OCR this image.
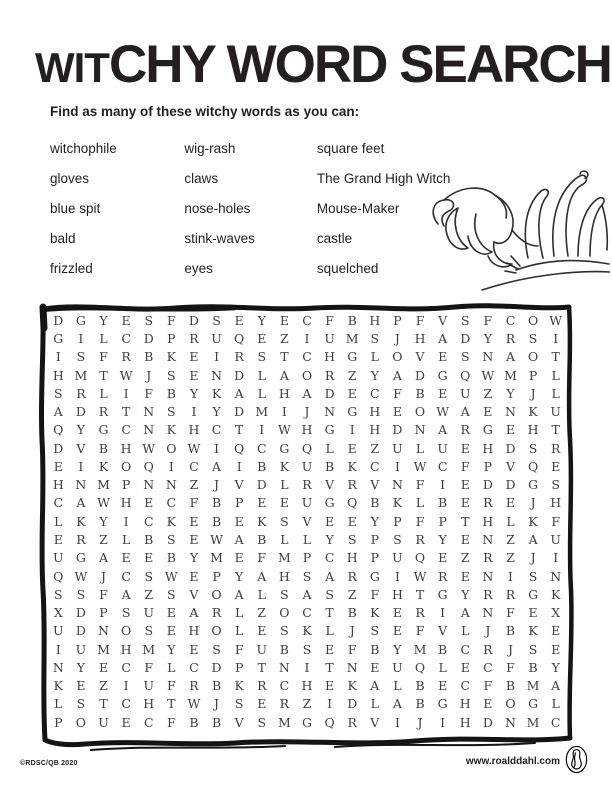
WITCHY WORD SEARCH
Find as many of these witchy words as you can:
witchophile
gloves
blue spit
bald
frizzled
wig-rash
claws
nose-holes
stink-waves
eyes
square feet
The Grand High Witch
Mouse-Maker
castle
squelched
D	G	Y	E	S	F	D	S	E	Y	E	C	F	B	H	P	F	V	S	F	C	O W
G	I	L	C	D	P	R	U Q	E	Z	I	U M S	J	H	A	D	Y	R	S	I
I	S	F	R	B	K	E	I	R	S	T	C H G	L	O	V	E	S	N	A	O	T
H M T W	J	S	E	N D	L	A	O	R	Z	Y	A	D	G Q W M P	L
S	R	L	I	F	B	Y	K	A	L	H	A	D	E	C	F	B	E	U	Z	Y	J	L
A	D	R	T	N	S	I	Y	D M	I	J	N G H	E	O W A	E	N K	U
Q	Y	G	C N K H C	T	I	W H G	I	H D N	A	R	G	E	H	T
D	V	B	H W O W	I	Q	C	G Q	L	E	Z	U	L	U	E	H D	S	R
E	I	K	O Q	I	C	A	I	B	K	U	B	K	C	I	W C	F	P	V	Q	E
H N M P	N N	Z	J	V	D	L	R	V	R	V	N	F	I	E	D	D	G	S
C	A W H	E	C	F	B	P	E	E	U G Q	B	K	L	B	E	R	E	J	H
L	K	Y	I	C	K	E	B	E	K	S	V	E	E	Y	P	F	P	T	H	L	K	F
E	R	Z	L	B	S	E W A	B	L	L	Y	S	P	S	R	Y	E	N	Z	A	U
U G	A	E	E	B	Y M E	F M P	C H	P	U Q	E	Z	R	Z	J	I
Q W	J	C	S W E	P	Y	A	H	S	A	R	G	I	W R	E	N	I	S	N
S	S	F	A	Z	S	V	O	A	L	S	A	S	Z	F	H	T	G	Y	R	R	G	K
X	D	P	S	U	E	A	R	L	Z	O	C	T	B	K	E	R	I	A	N	F	E	X
U D N O	S	E	H O	L	E	S	K	L	J	S	E	F	V	L	J	B	K	E
I	U M H M Y	E	S	F	U	B	S	E	F	B	Y M B	C	R	J	S	E
N	Y	E	C	F	L	C	D	P	T	N	I	T	N	E	U Q	L	E	C	F	B	Y
K	E	Z	I	U	F	R	B	K	R	C H	E	K	A	L	B	E	C	F	B M A
L	S	T	C H	T W	J	S	E	R	Z	I	D	L	A	B	G H	E	O G	L
P	O U	E	C	F	B	B	V	S M G Q	R	V	I	J	I	H D N M C
©RDSC/QB 2020	www.roalddahl.com
